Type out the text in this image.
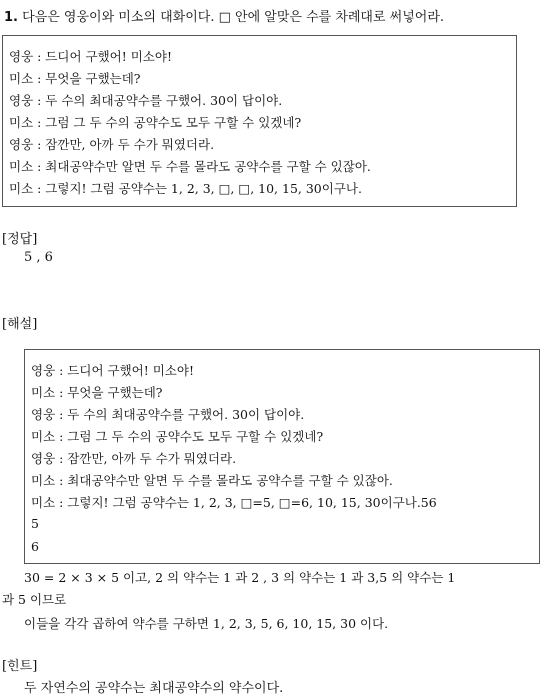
1. 다음은 영웅이와 미소의 대화이다. □ 안에 알맞은 수를 차례대로 써넣어라.
영웅 : 드디어 구했어! 미소야!
미소 : 무엇을 구했는데?
영웅 : 두 수의 최대공약수를 구했어. 30이 답이야.
미소 : 그럼 그 두 수의 공약수도 모두 구할 수 있겠네?
영웅 : 잠깐만, 아까 두 수가 뭐였더라.
미소 : 최대공약수만 알면 두 수를 몰라도 공약수를 구할 수 있잖아.
미소 : 그렇지! 그럼 공약수는 1, 2, 3, □, □, 10, 15, 30이구나.
[정답]
5 , 6
[해설]
영웅 : 드디어 구했어! 미소야!
미소 : 무엇을 구했는데?
영웅 : 두 수의 최대공약수를 구했어. 30이 답이야.
미소 : 그럼 그 두 수의 공약수도 모두 구할 수 있겠네?
영웅 : 잠깐만, 아까 두 수가 뭐였더라.
미소 : 최대공약수만 알면 두 수를 몰라도 공약수를 구할 수 있잖아.
미소 : 그렇지! 그럼 공약수는 1, 2, 3, □=5, □=6, 10, 15, 30이구나.56
5
6
30 = 2 × 3 × 5 이고, 2 의 약수는 1 과 2 , 3 의 약수는 1 과 3,5 의 약수는 1
과 5 이므로
이들을 각각 곱하여 약수를 구하면 1, 2, 3, 5, 6, 10, 15, 30 이다.
[힌트]
두 자연수의 공약수는 최대공약수의 약수이다.
